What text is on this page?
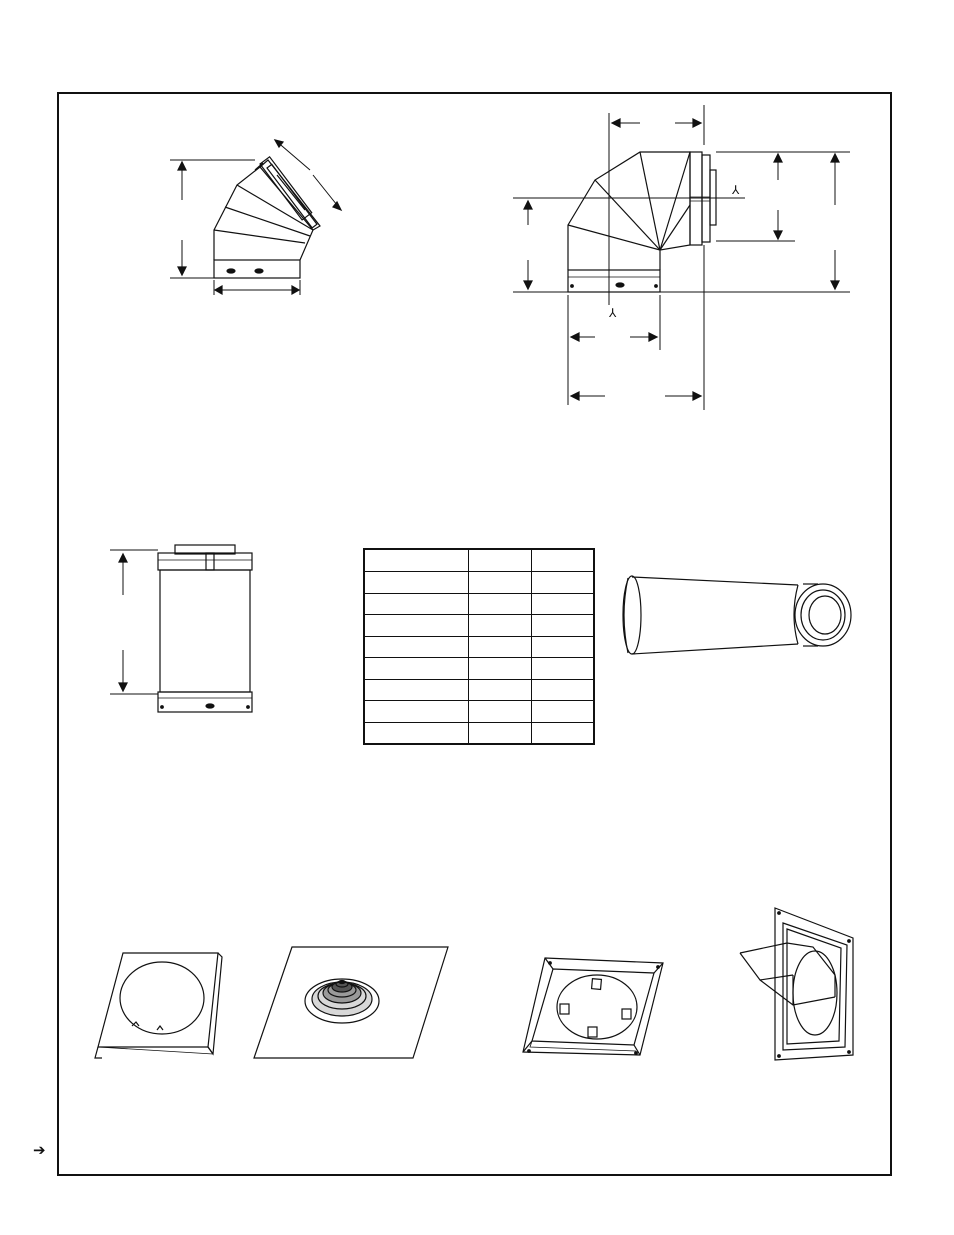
⅄
⅄

➔
